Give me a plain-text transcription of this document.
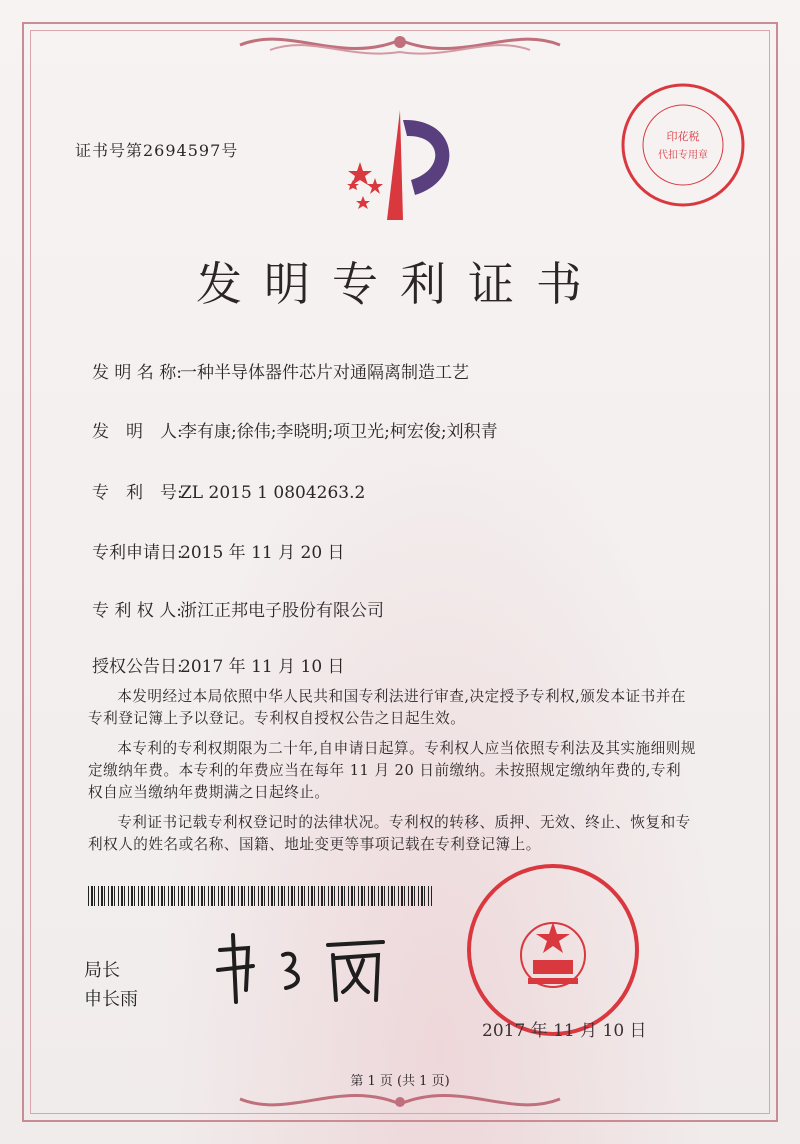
证书号第2694597号
印花税
代扣专用章
发明专利证书
发 明 名 称:一种半导体器件芯片对通隔离制造工艺
发　明　人:李有康;徐伟;李晓明;项卫光;柯宏俊;刘积青
专　利　号:ZL 2015 1 0804263.2
专利申请日:2015 年 11 月 20 日
专 利 权 人:浙江正邦电子股份有限公司
授权公告日:2017 年 11 月 10 日

本发明经过本局依照中华人民共和国专利法进行审查,决定授予专利权,颁发本证书并在专利登记簿上予以登记。专利权自授权公告之日起生效。

本专利的专利权期限为二十年,自申请日起算。专利权人应当依照专利法及其实施细则规定缴纳年费。本专利的年费应当在每年 11 月 20 日前缴纳。未按照规定缴纳年费的,专利权自应当缴纳年费期满之日起终止。

专利证书记载专利权登记时的法律状况。专利权的转移、质押、无效、终止、恢复和专利权人的姓名或名称、国籍、地址变更等事项记载在专利登记簿上。

局长
申长雨
2017 年 11 月 10 日
第 1 页 (共 1 页)
